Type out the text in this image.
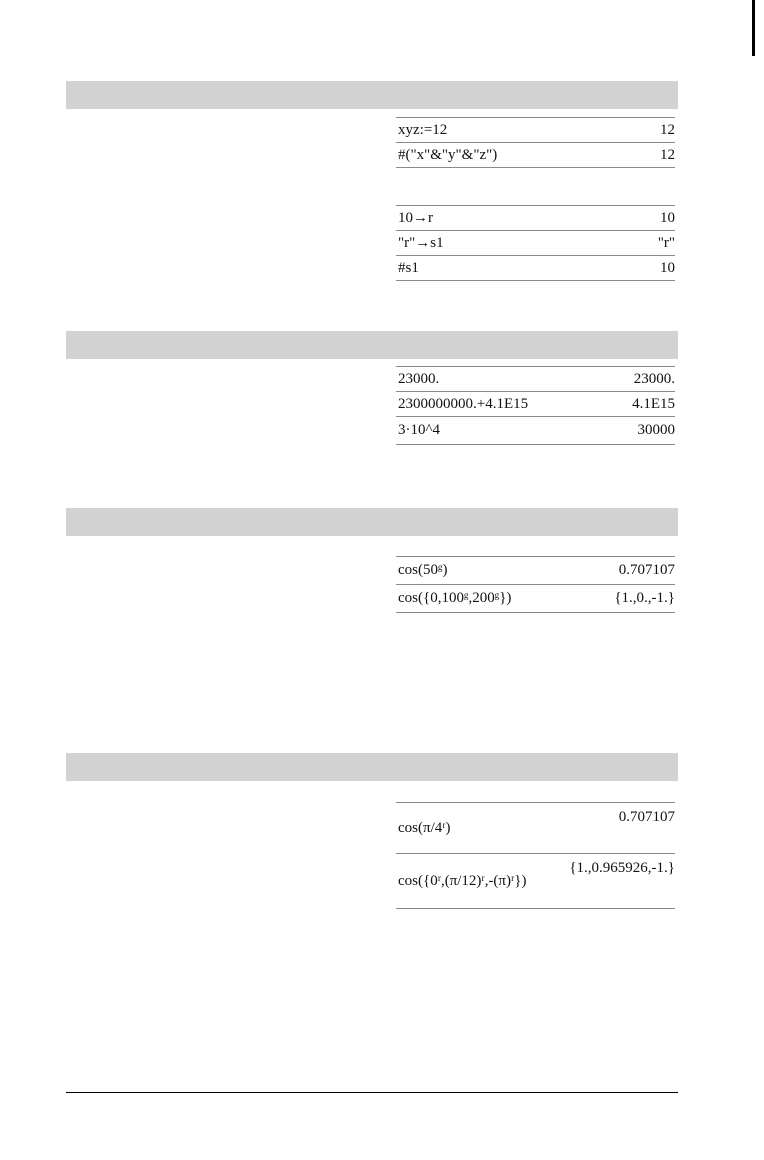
xyz:=12	12
#("x"&"y"&"z")	12
10→r	10
"r"→s1	"r"
#s1	10
23000.	23000.
2300000000.+4.1E15	4.1E15
3·10^4	30000
cos(50ᵍ)	0.707107
cos({0,100ᵍ,200ᵍ})	{1.,0.,-1.}
cos(π/4ʳ)	0.707107
cos({0ʳ,(π/12)ʳ,-(π)ʳ})	{1.,0.965926,-1.}
